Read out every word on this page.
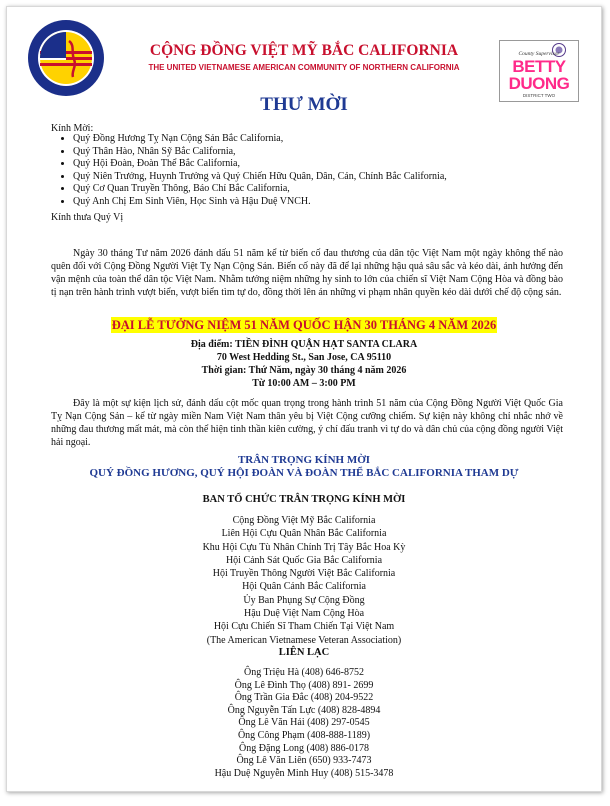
CỘNG ĐỒNG VIỆT MỸ BẮC CALIFORNIA
THE UNITED VIETNAMESE AMERICAN COMMUNITY OF NORTHERN CALIFORNIA
County Supervisor
BETTY
DUONG
DISTRICT TWO
THƯ MỜI
Kính Mời:
• Quý Đồng Hương Tỵ Nạn Cộng Sản Bắc California,
• Quý Thân Hào, Nhân Sỹ Bắc California,
• Quý Hội Đoàn, Đoàn Thể Bắc California,
• Quý Niên Trưởng, Huynh Trưởng và Quý Chiến Hữu Quân, Dân, Cán, Chính Bắc California,
• Quý Cơ Quan Truyền Thông, Báo Chí Bắc California,
• Quý Anh Chị Em Sinh Viên, Học Sinh và Hậu Duệ VNCH.
Kính thưa Quý Vị
Ngày 30 tháng Tư năm 2026 đánh dấu 51 năm kể từ biến cố đau thương của dân tộc Việt Nam một ngày không thể nào quên đối với Cộng Đồng Người Việt Tỵ Nạn Cộng Sản. Biến cố này đã để lại những hậu quả sâu sắc và kéo dài, ảnh hưởng đến vận mệnh của toàn thể dân tộc Việt Nam. Nhằm tưởng niệm những hy sinh to lớn của chiến sĩ Việt Nam Cộng Hòa và đồng bào tị nạn trên hành trình vượt biển, vượt biển tìm tự do, đồng thời lên án những vi phạm nhân quyền kéo dài dưới chế độ cộng sản.
ĐẠI LỄ TƯỞNG NIỆM 51 NĂM QUỐC HẬN 30 THÁNG 4 NĂM 2026
Địa điểm: TIỀN ĐÌNH QUẬN HẠT SANTA CLARA
70 West Hedding St., San Jose, CA 95110
Thời gian: Thứ Năm, ngày 30 tháng 4 năm 2026
Từ 10:00 AM – 3:00 PM
Đây là một sự kiện lịch sử, đánh dấu cột mốc quan trọng trong hành trình 51 năm của Cộng Đồng Người Việt Quốc Gia Tỵ Nạn Cộng Sản – kể từ ngày miền Nam Việt Nam thân yêu bị Việt Cộng cưỡng chiếm. Sự kiện này không chỉ nhắc nhớ về những đau thương mất mát, mà còn thể hiện tinh thần kiên cường, ý chí đấu tranh vì tự do và dân chủ của cộng đồng người Việt hải ngoại.
TRÂN TRỌNG KÍNH MỜI
QUÝ ĐỒNG HƯƠNG, QUÝ HỘI ĐOÀN VÀ ĐOÀN THỂ BẮC CALIFORNIA THAM DỰ
BAN TỔ CHỨC TRÂN TRỌNG KÍNH MỜI
Cộng Đồng Việt Mỹ Bắc California
Liên Hội Cựu Quân Nhân Bắc California
Khu Hội Cựu Tù Nhân Chính Trị Tây Bắc Hoa Kỳ
Hội Cảnh Sát Quốc Gia Bắc California
Hội Truyền Thông Người Việt Bắc California
Hội Quân Cảnh Bắc California
Ủy Ban Phụng Sự Cộng Đồng
Hậu Duệ Việt Nam Cộng Hòa
Hội Cựu Chiến Sĩ Tham Chiến Tại Việt Nam
(The American Vietnamese Veteran Association)
LIÊN LẠC
Ông Triệu Hà (408) 646-8752
Ông Lê Đình Thọ (408) 891- 2699
Ông Trần Gia Đắc (408) 204-9522
Ông Nguyễn Tấn Lực (408) 828-4894
Ông Lê Văn Hải (408) 297-0545
Ông Công Phạm (408-888-1189)
Ông Đặng Long (408) 886-0178
Ông Lê Văn Liên (650) 933-7473
Hậu Duệ Nguyễn Minh Huy (408) 515-3478
